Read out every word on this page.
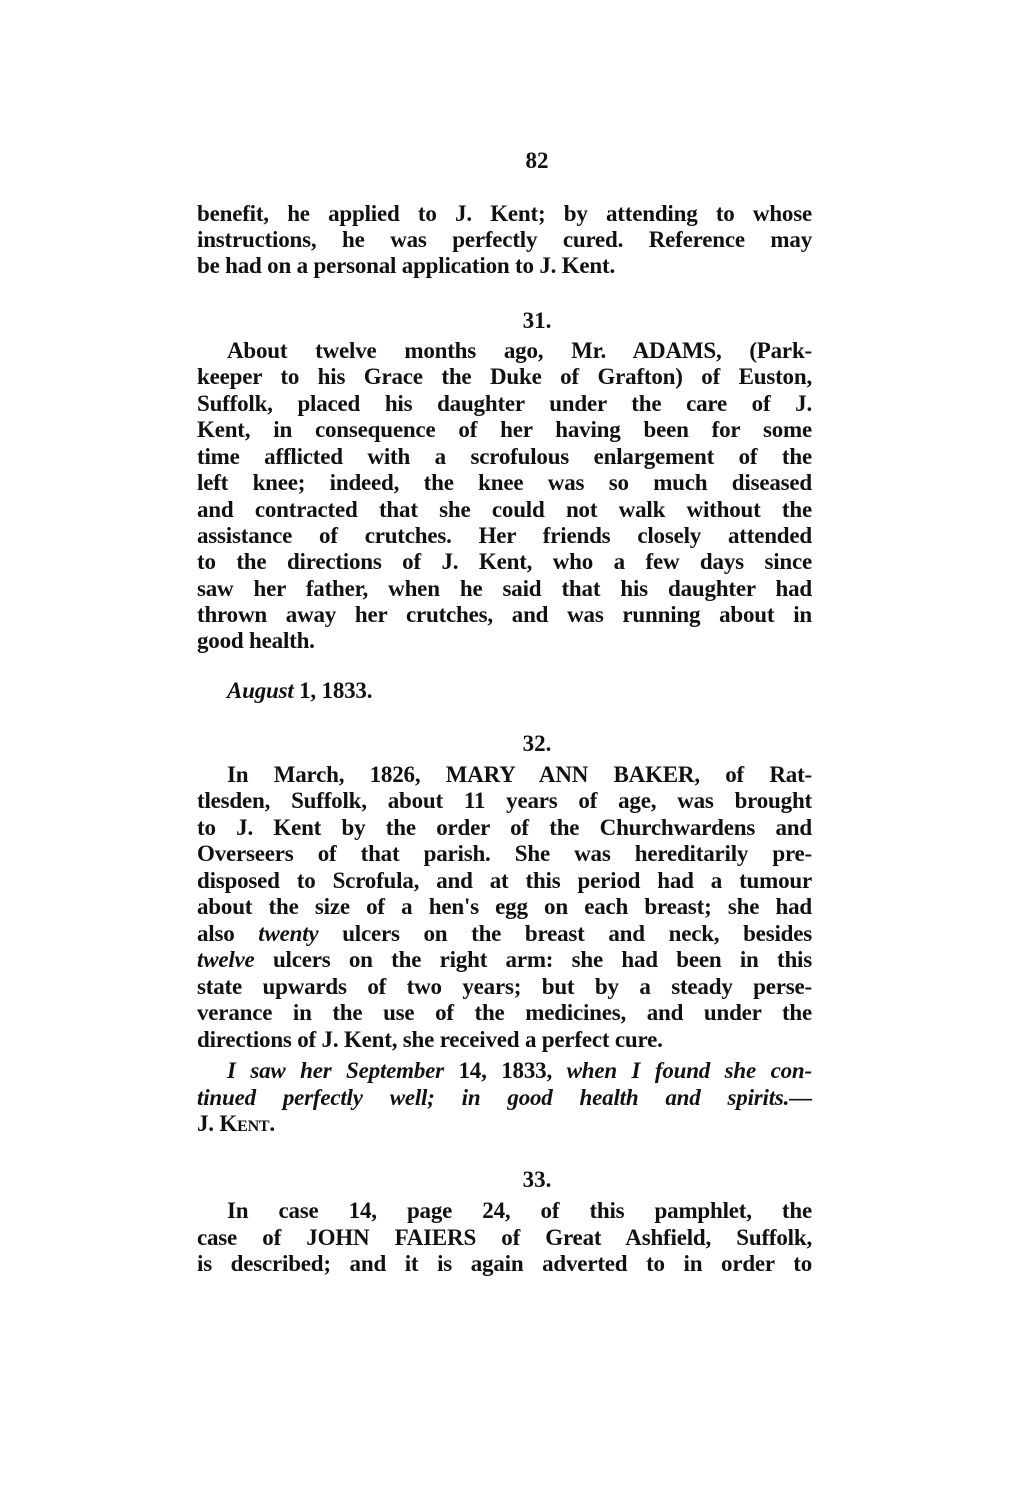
82
benefit, he applied to J. Kent; by attending to whose
instructions, he was perfectly cured. Reference may
be had on a personal application to J. Kent.
31.
About twelve months ago, Mr. ADAMS, (Park-
keeper to his Grace the Duke of Grafton) of Euston,
Suffolk, placed his daughter under the care of J.
Kent, in consequence of her having been for some
time afflicted with a scrofulous enlargement of the
left knee; indeed, the knee was so much diseased
and contracted that she could not walk without the
assistance of crutches. Her friends closely attended
to the directions of J. Kent, who a few days since
saw her father, when he said that his daughter had
thrown away her crutches, and was running about in
good health.
August 1, 1833.
32.
In March, 1826, MARY ANN BAKER, of Rat-
tlesden, Suffolk, about 11 years of age, was brought
to J. Kent by the order of the Churchwardens and
Overseers of that parish. She was hereditarily pre-
disposed to Scrofula, and at this period had a tumour
about the size of a hen's egg on each breast; she had
also twenty ulcers on the breast and neck, besides
twelve ulcers on the right arm: she had been in this
state upwards of two years; but by a steady perse-
verance in the use of the medicines, and under the
directions of J. Kent, she received a perfect cure.
I saw her September 14, 1833, when I found she con-
tinued perfectly well; in good health and spirits.—
J. Kent.
33.
In case 14, page 24, of this pamphlet, the
case of JOHN FAIERS of Great Ashfield, Suffolk,
is described; and it is again adverted to in order to
